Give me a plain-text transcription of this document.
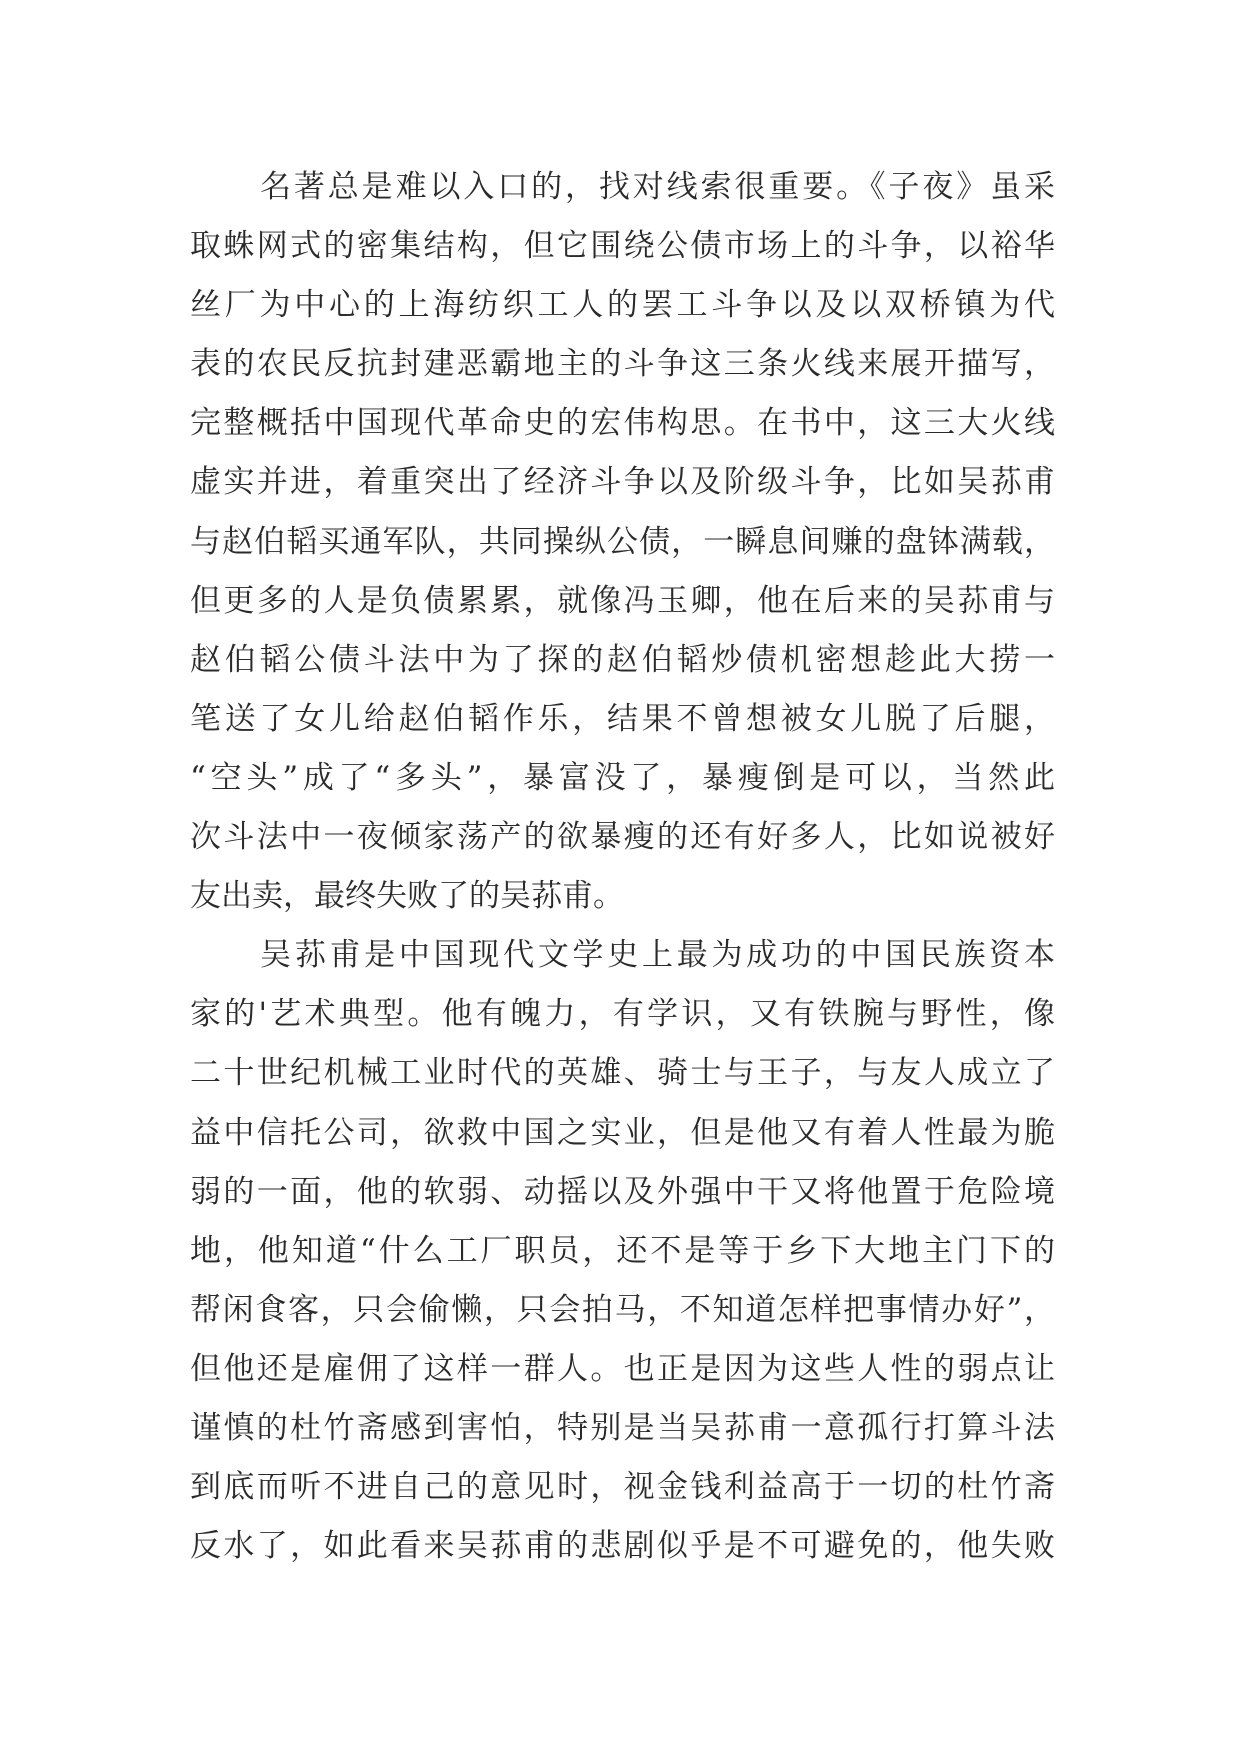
名著总是难以入口的，找对线索很重要。《子夜》虽采
取蛛网式的密集结构，但它围绕公债市场上的斗争，以裕华
丝厂为中心的上海纺织工人的罢工斗争以及以双桥镇为代
表的农民反抗封建恶霸地主的斗争这三条火线来展开描写，
完整概括中国现代革命史的宏伟构思。在书中，这三大火线
虚实并进，着重突出了经济斗争以及阶级斗争，比如吴荪甫
与赵伯韬买通军队，共同操纵公债，一瞬息间赚的盘钵满载，
但更多的人是负债累累，就像冯玉卿，他在后来的吴荪甫与
赵伯韬公债斗法中为了探的赵伯韬炒债机密想趁此大捞一
笔送了女儿给赵伯韬作乐，结果不曾想被女儿脱了后腿，
“空头”成了“多头”，暴富没了，暴瘦倒是可以，当然此
次斗法中一夜倾家荡产的欲暴瘦的还有好多人，比如说被好
友出卖，最终失败了的吴荪甫。
吴荪甫是中国现代文学史上最为成功的中国民族资本
家的'艺术典型。他有魄力，有学识，又有铁腕与野性，像
二十世纪机械工业时代的英雄、骑士与王子，与友人成立了
益中信托公司，欲救中国之实业，但是他又有着人性最为脆
弱的一面，他的软弱、动摇以及外强中干又将他置于危险境
地，他知道“什么工厂职员，还不是等于乡下大地主门下的
帮闲食客，只会偷懒，只会拍马，不知道怎样把事情办好”，
但他还是雇佣了这样一群人。也正是因为这些人性的弱点让
谨慎的杜竹斋感到害怕，特别是当吴荪甫一意孤行打算斗法
到底而听不进自己的意见时，视金钱利益高于一切的杜竹斋
反水了，如此看来吴荪甫的悲剧似乎是不可避免的，他失败
